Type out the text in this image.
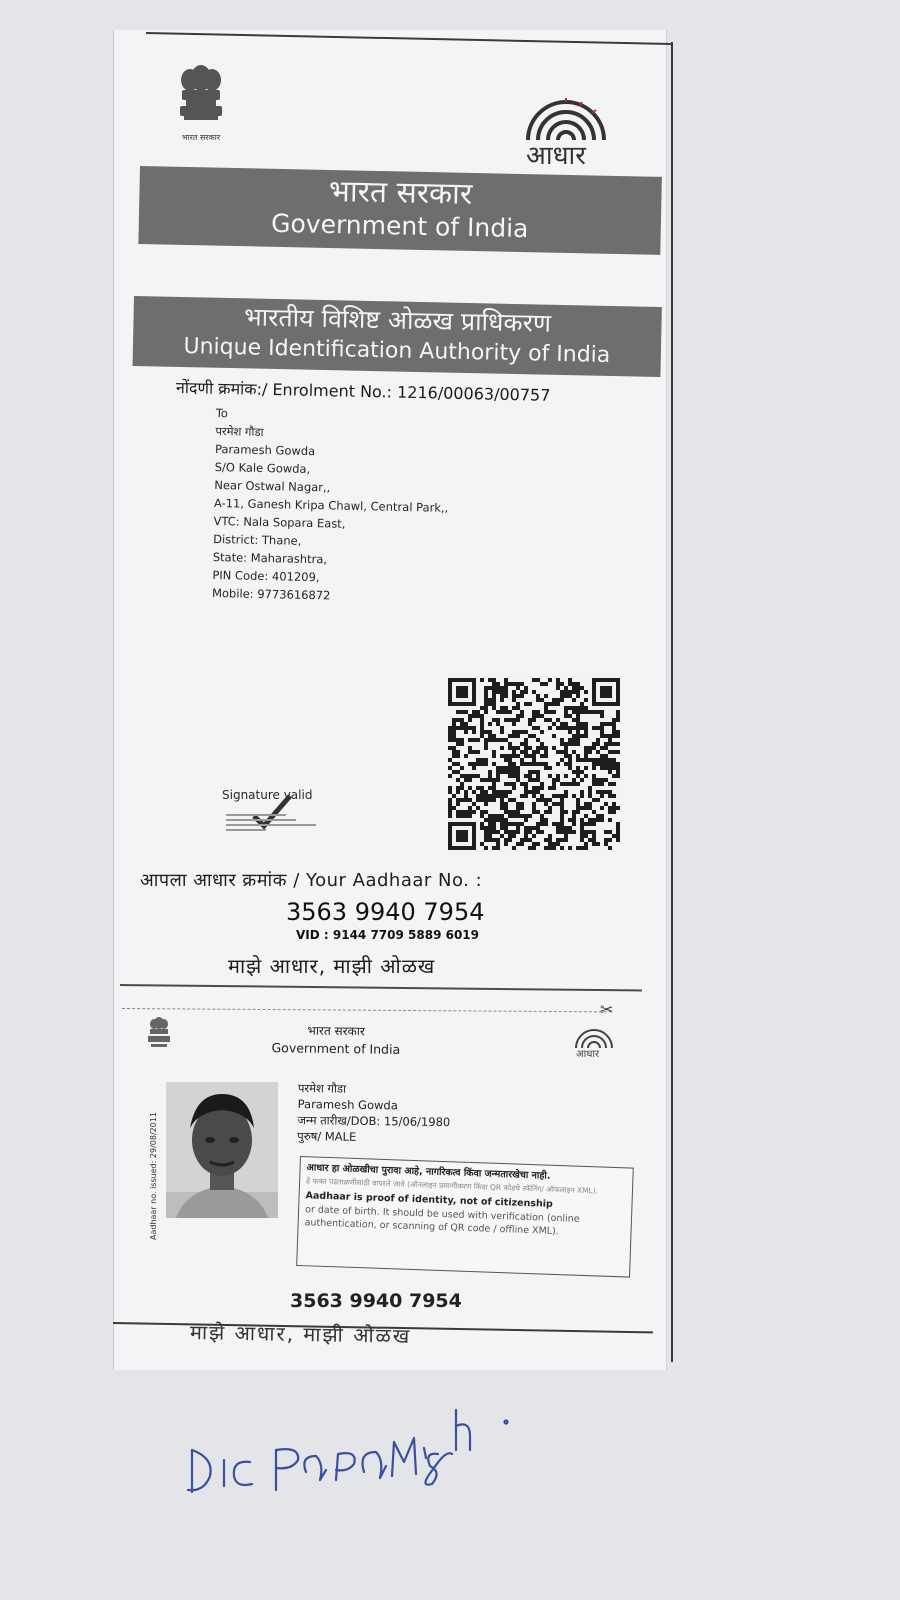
भारत सरकार
आधार
भारत सरकार
Government of India
भारतीय विशिष्ट ओळख प्राधिकरण
Unique Identification Authority of India
नोंदणी क्रमांक:/ Enrolment No.: 1216/00063/00757
To
परमेश गौडा
Paramesh Gowda
S/O Kale Gowda,
Near Ostwal Nagar,,
A-11, Ganesh Kripa Chawl, Central Park,,
VTC: Nala Sopara East,
District: Thane,
State: Maharashtra,
PIN Code: 401209,
Mobile: 9773616872
Signature valid
आपला आधार क्रमांक / Your Aadhaar No. :
3563 9940 7954
VID : 9144 7709 5889 6019
माझे आधार, माझी ओळख
✂
भारत सरकार
Government of India	आधार
Aadhaar no. issued: 29/08/2011
परमेश गौडा
Paramesh Gowda
जन्म तारीख/DOB: 15/06/1980
पुरुष/ MALE
आधार हा ओळखीचा पुरावा आहे, नागरिकत्व किंवा जन्मतारखेचा नाही.
हे फक्त पडताळणीसाठी वापरले जावे (ऑनलाइन प्रमाणीकरण किंवा QR कोडचे स्कॅनिंग/ ऑफलाइन XML).
Aadhaar is proof of identity, not of citizenship
or date of birth. It should be used with verification (online authentication, or scanning of QR code / offline XML).
3563 9940 7954
माझे आधार, माझी ओळख
